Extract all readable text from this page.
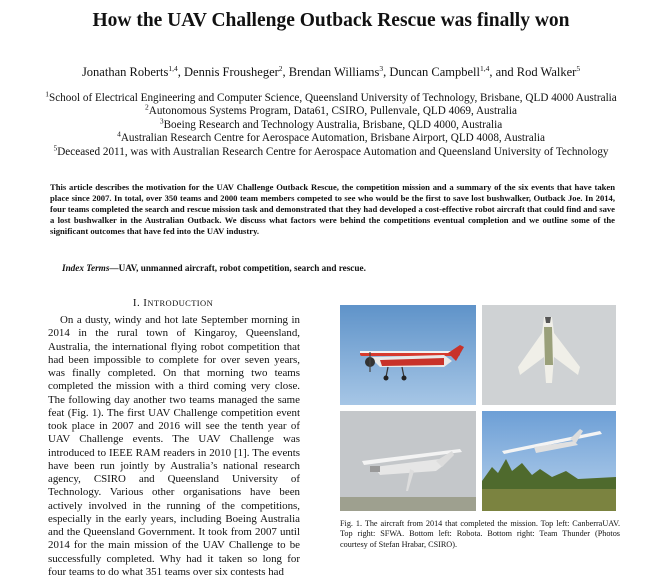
How the UAV Challenge Outback Rescue was finally won
Jonathan Roberts$^{1,4}$, Dennis Frousheger$^2$, Brendan Williams$^3$, Duncan Campbell$^{1,4}$, and Rod Walker$^5$
$^1$School of Electrical Engineering and Computer Science, Queensland University of Technology, Brisbane, QLD 4000 Australia
$^2$Autonomous Systems Program, Data61, CSIRO, Pullenvale, QLD 4069, Australia
$^3$Boeing Research and Technology Australia, Brisbane, QLD 4000, Australia
$^4$Australian Research Centre for Aerospace Automation, Brisbane Airport, QLD 4008, Australia
$^5$Deceased 2011, was with Australian Research Centre for Aerospace Automation and Queensland University of Technology
This article describes the motivation for the UAV Challenge Outback Rescue, the competition mission and a summary of the six events that have taken place since 2007. In total, over 350 teams and 2000 team members competed to see who would be the first to save lost bushwalker, Outback Joe. In 2014, four teams completed the search and rescue mission task and demonstrated that they had developed a cost-effective robot aircraft that could find and save a lost bushwalker in the Australian Outback. We discuss what factors were behind the competitions eventual completion and we outline some of the significant outcomes that have fed into the UAV industry.
Index Terms—UAV, unmanned aircraft, robot competition, search and rescue.
I. INTRODUCTION

On a dusty, windy and hot late September morning in 2014 in the rural town of Kingaroy, Queensland, Australia, the international flying robot competition that had been impossible to complete for over seven years, was finally completed. On that morning two teams completed the mission with a third coming very close. The following day another two teams managed the same feat (Fig. 1). The first UAV Challenge competition event took place in 2007 and 2016 will see the tenth year of UAV Challenge events. The UAV Challenge was introduced to IEEE RAM readers in 2010 [1]. The events have been run jointly by Australia’s national research agency, CSIRO and Queensland University of Technology. Various other organisations have been actively involved in the running of the competitions, especially in the early years, including Boeing Australia and the Queensland Government. It took from 2007 until 2014 for the main mission of the UAV Challenge to be successfully completed. Why had it taken so long for four teams to do what 351 teams over six contests had

Fig. 1. The aircraft from 2014 that completed the mission. Top left: CanberraUAV. Top right: SFWA. Bottom left: Robota. Bottom right: Team Thunder (Photos courtesy of Stefan Hrabar, CSIRO).
